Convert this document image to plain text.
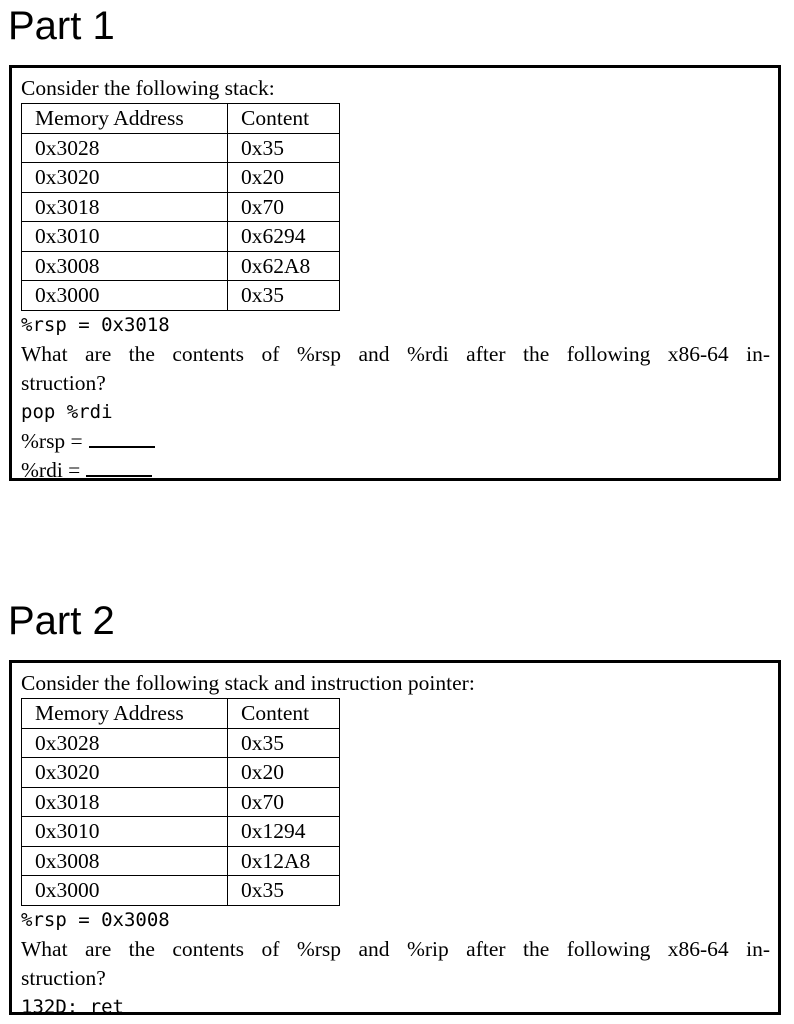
Part 1
Consider the following stack:
Memory Address	Content
0x3028	0x35
0x3020	0x20
0x3018	0x70
0x3010	0x6294
0x3008	0x62A8
0x3000	0x35
%rsp = 0x3018
What are the contents of %rsp and %rdi after the following x86-64 in-
struction?
pop %rdi
%rsp =
%rdi =
Part 2
Consider the following stack and instruction pointer:
Memory Address	Content
0x3028	0x35
0x3020	0x20
0x3018	0x70
0x3010	0x1294
0x3008	0x12A8
0x3000	0x35
%rsp = 0x3008
What are the contents of %rsp and %rip after the following x86-64 in-
struction?
132D: ret
